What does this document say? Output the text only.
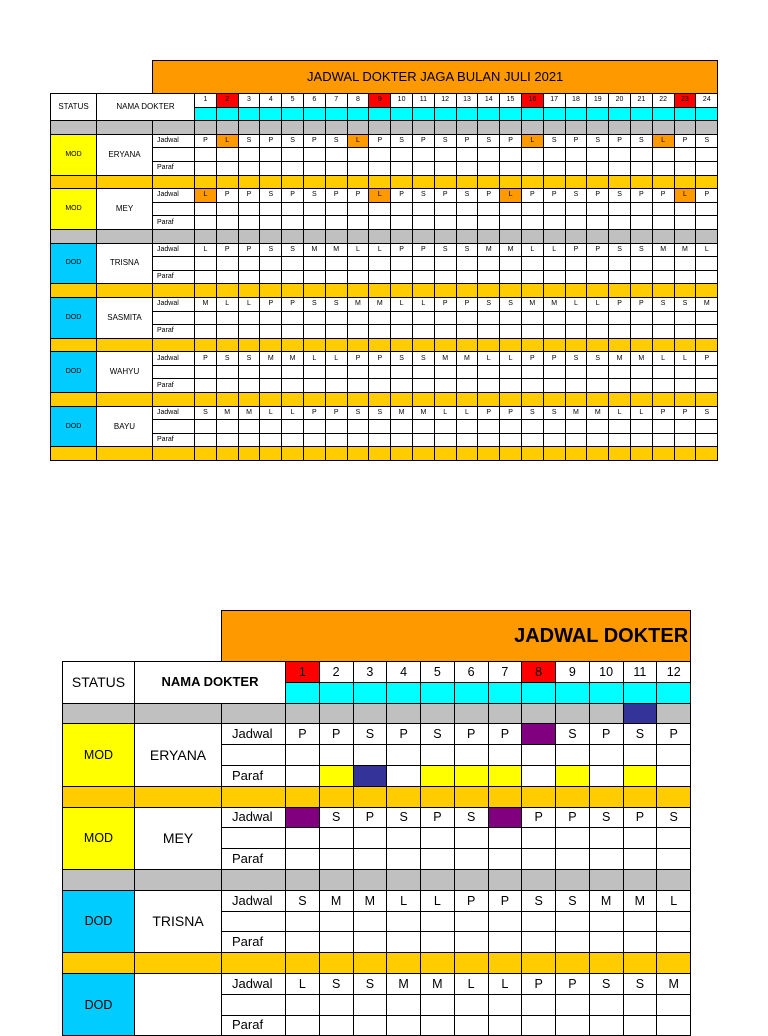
		JADWAL DOKTER JAGA BULAN JULI 2021																								
STATUS	NAMA DOKTER		1	2	3	4	5	6	7	8	9	10	11	12	13	14	15	16	17	18	19	20	21	22	23	24

MOD	ERYANA	Jadwal	P	L	S	P	S	P	S	L	P	S	P	S	P	S	P	L	S	P	S	P	S	L	P	S

		Paraf																								

MOD	MEY	Jadwal	L	P	P	S	P	S	P	P	L	P	S	P	S	P	L	P	P	S	P	S	P	P	L	P

		Paraf																								

DOD	TRISNA	Jadwal	L	P	P	S	S	M	M	L	L	P	P	S	S	M	M	L	L	P	P	S	S	M	M	L

		Paraf																								

DOD	SASMITA	Jadwal	M	L	L	P	P	S	S	M	M	L	L	P	P	S	S	M	M	L	L	P	P	S	S	M

		Paraf																								

DOD	WAHYU	Jadwal	P	S	S	M	M	L	L	P	P	S	S	M	M	L	L	P	P	S	S	M	M	L	L	P

		Paraf																								

DOD	BAYU	Jadwal	S	M	M	L	L	P	P	S	S	M	M	L	L	P	P	S	S	M	M	L	L	P	P	S

		Paraf																								

		JADWAL DOKTER												
STATUS	NAMA DOKTER		1	2	3	4	5	6	7	8	9	10	11	12

MOD	ERYANA	Jadwal	P	P	S	P	S	P	P		S	P	S	P

		Paraf												

MOD	MEY	Jadwal		S	P	S	P	S		P	P	S	P	S

		Paraf												

DOD	TRISNA	Jadwal	S	M	M	L	L	P	P	S	S	M	M	L

		Paraf												

DOD		Jadwal	L	S	S	M	M	L	L	P	P	S	S	M

		Paraf												
